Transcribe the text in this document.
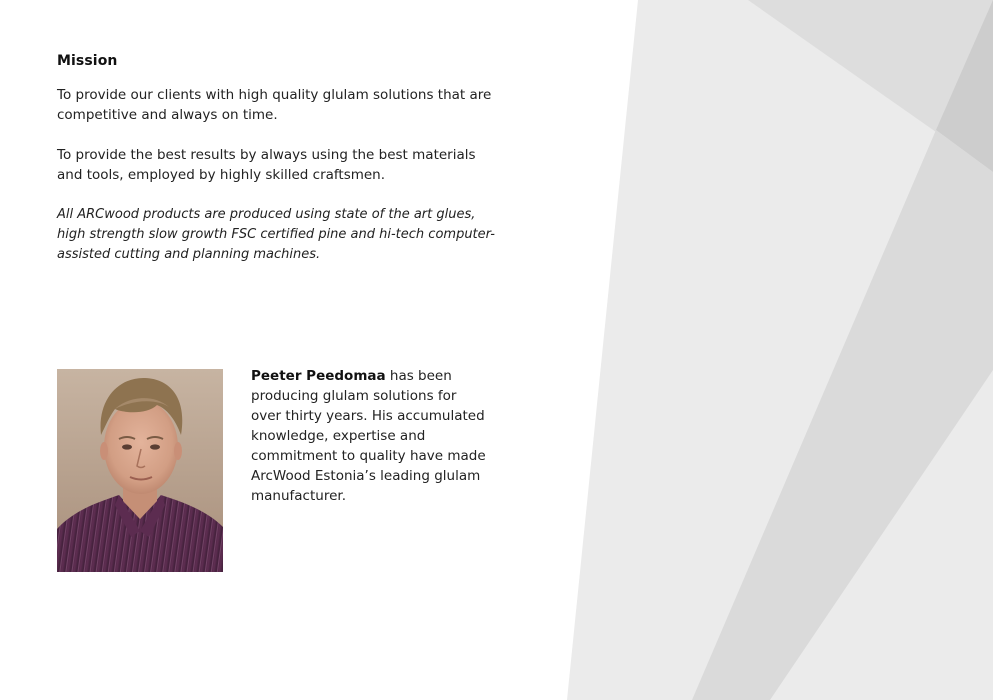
Mission
To provide our clients with high quality glulam solutions that are competitive and always on time.
To provide the best results by always using the best materials and tools, employed by highly skilled craftsmen.
All ARCwood products are produced using state of the art glues, high strength slow growth FSC certified pine and hi-tech computer-assisted cutting and planning machines.
Peeter Peedomaa has been producing glulam solutions for over thirty years. His accumulated knowledge, expertise and commitment to quality have made ArcWood Estonia’s leading glulam manufacturer.
